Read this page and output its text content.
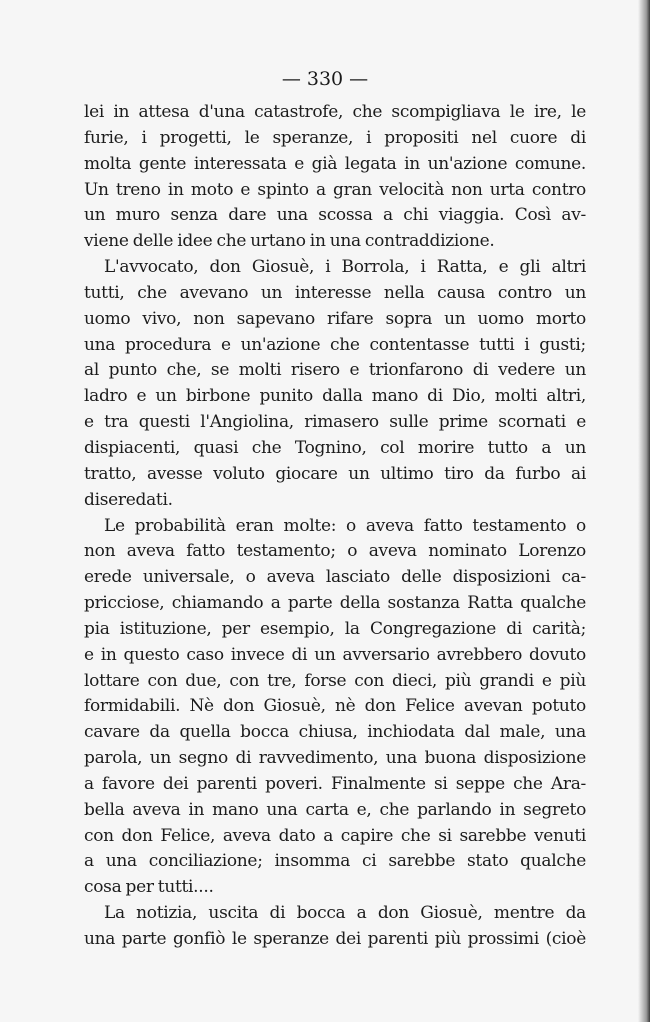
— 330 —
lei in attesa d'una catastrofe, che scompigliava le ire, le
furie, i progetti, le speranze, i propositi nel cuore di
molta gente interessata e già legata in un'azione comune.
Un treno in moto e spinto a gran velocità non urta contro
un muro senza dare una scossa a chi viaggia. Così av-
viene delle idee che urtano in una contraddizione.
L'avvocato, don Giosuè, i Borrola, i Ratta, e gli altri
tutti, che avevano un interesse nella causa contro un
uomo vivo, non sapevano rifare sopra un uomo morto
una procedura e un'azione che contentasse tutti i gusti;
al punto che, se molti risero e trionfarono di vedere un
ladro e un birbone punito dalla mano di Dio, molti altri,
e tra questi l'Angiolina, rimasero sulle prime scornati e
dispiacenti, quasi che Tognino, col morire tutto a un
tratto, avesse voluto giocare un ultimo tiro da furbo ai
diseredati.
Le probabilità eran molte: o aveva fatto testamento o
non aveva fatto testamento; o aveva nominato Lorenzo
erede universale, o aveva lasciato delle disposizioni ca-
pricciose, chiamando a parte della sostanza Ratta qualche
pia istituzione, per esempio, la Congregazione di carità;
e in questo caso invece di un avversario avrebbero dovuto
lottare con due, con tre, forse con dieci, più grandi e più
formidabili. Nè don Giosuè, nè don Felice avevan potuto
cavare da quella bocca chiusa, inchiodata dal male, una
parola, un segno di ravvedimento, una buona disposizione
a favore dei parenti poveri. Finalmente si seppe che Ara-
bella aveva in mano una carta e, che parlando in segreto
con don Felice, aveva dato a capire che si sarebbe venuti
a una conciliazione; insomma ci sarebbe stato qualche
cosa per tutti....
La notizia, uscita di bocca a don Giosuè, mentre da
una parte gonfiò le speranze dei parenti più prossimi (cioè
